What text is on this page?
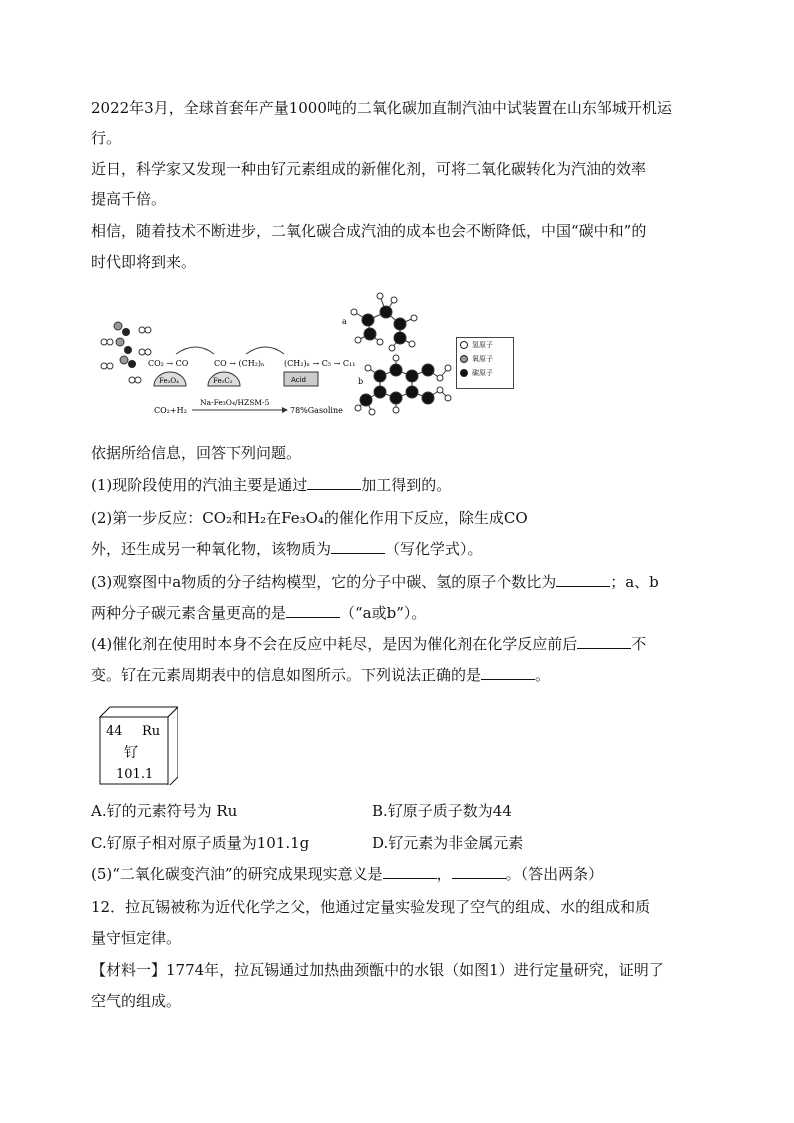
2022年3月，全球首套年产量1000吨的二氧化碳加直制汽油中试装置在山东邹城开机运
行。
近日，科学家又发现一种由钌元素组成的新催化剂，可将二氧化碳转化为汽油的效率
提高千倍。
相信，随着技术不断进步，二氧化碳合成汽油的成本也会不断降低，中国“碳中和”的
时代即将到来。
CO₂ → CO	CO → (CH₂)ₙ (CH₂)ₙ → C₅ → C₁₁
Fe₃O₄	Fe₅C₂	Acid
CO₂+H₂
Na-Fe₃O₄/HZSM-5
78%Gasoline
a
b
氢原子
氧原子
碳原子
依据所给信息，回答下列问题。
(1)现阶段使用的汽油主要是通过	加工得到的。
(2)第一步反应：CO₂和H₂在Fe₃O₄的催化作用下反应，除生成CO
外，还生成另一种氧化物，该物质为	（写化学式）。
(3)观察图中a物质的分子结构模型，它的分子中碳、氢的原子个数比为	；a、b
两种分子碳元素含量更高的是	（“a或b”）。
(4)催化剂在使用时本身不会在反应中耗尽，是因为催化剂在化学反应前后	不
变。钌在元素周期表中的信息如图所示。下列说法正确的是	。
44 Ru
钌
101.1
A.钌的元素符号为 Ru	B.钌原子质子数为44
C.钌原子相对原子质量为101.1g	D.钌元素为非金属元素
(5)“二氧化碳变汽油”的研究成果现实意义是	，	。（答出两条）
12．拉瓦锡被称为近代化学之父，他通过定量实验发现了空气的组成、水的组成和质
量守恒定律。
【材料一】1774年，拉瓦锡通过加热曲颈甑中的水银（如图1）进行定量研究，证明了
空气的组成。
